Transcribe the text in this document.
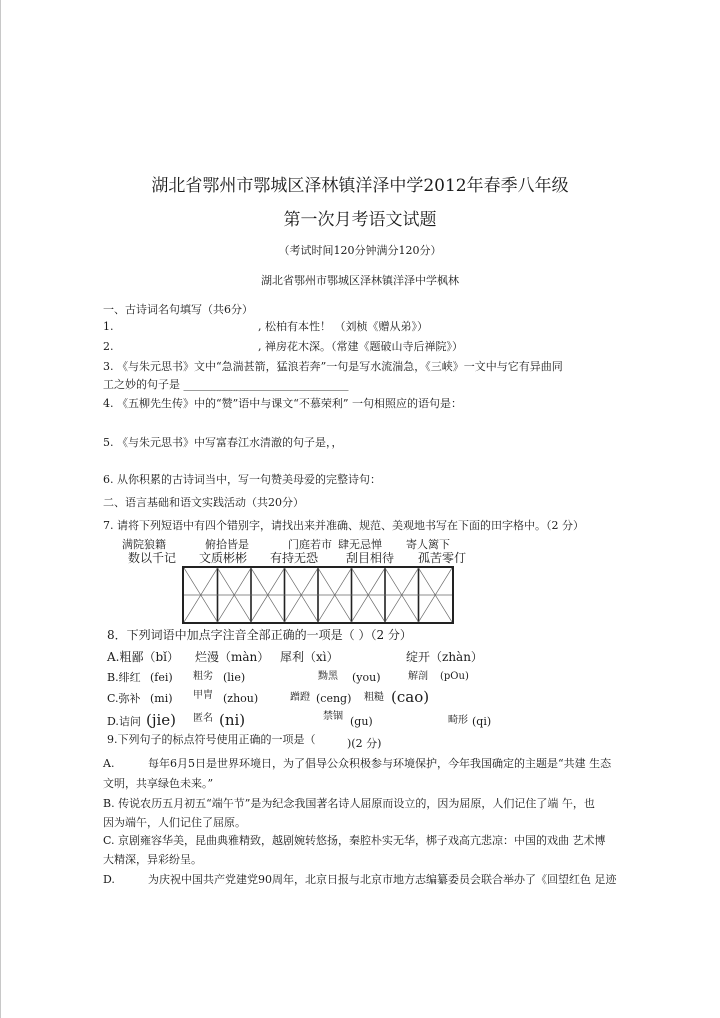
湖北省鄂州市鄂城区泽林镇洋泽中学2012年春季八年级
第一次月考语文试题
（考试时间120分钟满分120分）
湖北省鄂州市鄂城区泽林镇洋泽中学枫林
一、古诗词名句填写（共6分）
1.	, 松柏有本性！ （刘桢《赠从弟》）
2.	, 禅房花木深。（常建《题破山寺后禅院》）
3. 《与朱元思书》文中“急湍甚箭，猛浪若奔”一句是写水流湍急，《三峡》一文中与它有异曲同
工之妙的句子是 ______________________________
4. 《五柳先生传》中的“赞”语中与课文“不慕荣利” 一句相照应的语句是：
5. 《与朱元思书》中写富春江水清澈的句子是，，
6. 从你积累的古诗词当中，写一句赞美母爱的完整诗句：
二、语言基础和语文实践活动（共20分）
7. 请将下列短语中有四个错别字，请找出来并准确、规范、美观地书写在下面的田字格中。（2 分）
满院狼籍	俯拾皆是	门庭若市 肆无忌惮 寄人篱下
数以千记 文质彬彬 有持无恐 刮目相待 孤苦零仃
8．下列词语中加点字注音全部正确的一项是（ ）（2 分）
A.粗鄙（bǐ） 烂漫（màn） 犀利（xì）	绽开（zhàn）
B.绯红 (fei) 粗劣 (lie)	黝黑 (you)	解剖 (pOu)
C.弥补 (mi) 甲胄 (zhou)	蹭蹬 (ceng) 粗糙 (cao)
D.诘问 (jie) 匿名 (ni)	禁锢 (gu)	畸形 (qi)
9.下列句子的标点符号使用正确的一项是（	)(2 分)
A.	每年6月5日是世界环境日，为了倡导公众积极参与环境保护，今年我国确定的主题是“共建 生态
文明，共享绿色未来。”
B. 传说农历五月初五“端午节”是为纪念我国著名诗人屈原而设立的，因为屈原，人们记住了端 午，也
因为端午，人们记住了屈原。
C. 京剧雍容华美，昆曲典雅精致，越剧婉转悠扬，秦腔朴实无华，梆子戏高亢悲凉：中国的戏曲 艺术博
大精深，异彩纷呈。
D.	为庆祝中国共产党建党90周年，北京日报与北京市地方志编纂委员会联合举办了《回望红色 足迹
